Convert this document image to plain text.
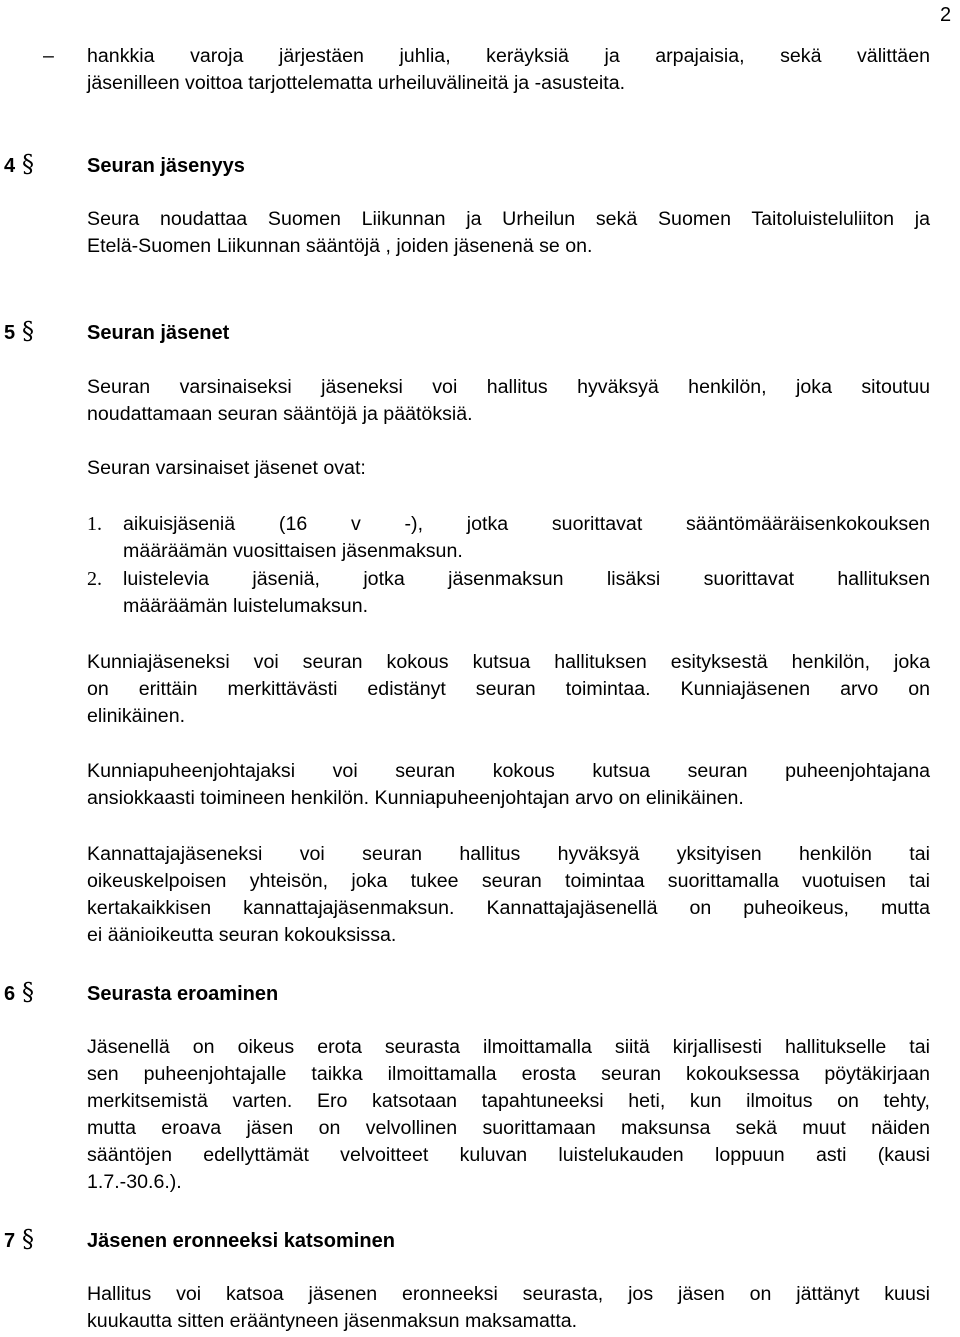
2
– hankkia varoja järjestäen juhlia, keräyksiä ja arpajaisia, sekä välittäen
jäsenilleen voittoa tarjottelematta urheiluvälineitä ja -asusteita.
4 §	Seuran jäsenyys
Seura noudattaa Suomen Liikunnan ja Urheilun sekä Suomen Taitoluisteluliiton ja
Etelä-Suomen Liikunnan sääntöjä , joiden jäsenenä se on.
5 §	Seuran jäsenet
Seuran varsinaiseksi jäseneksi voi hallitus hyväksyä henkilön, joka sitoutuu
noudattamaan seuran sääntöjä ja päätöksiä.
Seuran varsinaiset jäsenet ovat:
1. aikuisjäseniä (16 v -), jotka suorittavat sääntömääräisenkokouksen
määräämän vuosittaisen jäsenmaksun.
2. luistelevia jäseniä, jotka jäsenmaksun lisäksi suorittavat hallituksen
määräämän luistelumaksun.
Kunniajäseneksi voi seuran kokous kutsua hallituksen esityksestä henkilön, joka
on erittäin merkittävästi edistänyt seuran toimintaa. Kunniajäsenen arvo on
elinikäinen.
Kunniapuheenjohtajaksi voi seuran kokous kutsua seuran puheenjohtajana
ansiokkaasti toimineen henkilön. Kunniapuheenjohtajan arvo on elinikäinen.
Kannattajajäseneksi voi seuran hallitus hyväksyä yksityisen henkilön tai
oikeuskelpoisen yhteisön, joka tukee seuran toimintaa suorittamalla vuotuisen tai
kertakaikkisen kannattajajäsenmaksun. Kannattajajäsenellä on puheoikeus, mutta
ei äänioikeutta seuran kokouksissa.
6 §	Seurasta eroaminen
Jäsenellä on oikeus erota seurasta ilmoittamalla siitä kirjallisesti hallitukselle tai
sen puheenjohtajalle taikka ilmoittamalla erosta seuran kokouksessa pöytäkirjaan
merkitsemistä varten. Ero katsotaan tapahtuneeksi heti, kun ilmoitus on tehty,
mutta eroava jäsen on velvollinen suorittamaan maksunsa sekä muut näiden
sääntöjen edellyttämät velvoitteet kuluvan luistelukauden loppuun asti (kausi
1.7.-30.6.).
7 §	Jäsenen eronneeksi katsominen
Hallitus voi katsoa jäsenen eronneeksi seurasta, jos jäsen on jättänyt kuusi
kuukautta sitten erääntyneen jäsenmaksun maksamatta.
